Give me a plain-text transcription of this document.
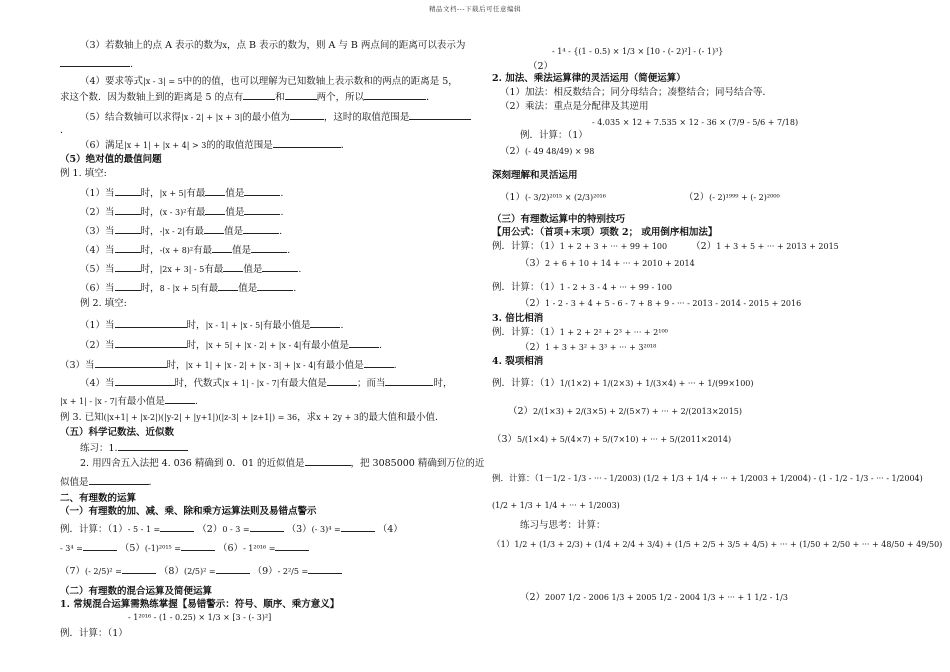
精品文档---下载后可任意编辑
（3）若数轴上的点 A 表示的数为x，点 B 表示的数为，则 A 与 B 两点间的距离可以表示为
.
（4）要求等式|x - 3| = 5中的的值，也可以理解为已知数轴上表示数和的两点的距离是 5，
求这个数．因为数轴上到的距离是 5 的点有	和	两个，所以	．
（5）结合数轴可以求得|x - 2| + |x + 3|的最小值为	，这时的取值范围是
．
（6）满足|x + 1| + |x + 4| > 3的的取值范围是	．
（5）绝对值的最值问题
例 1. 填空:
（1）当	时，|x + 5|有最 值是	.
（2）当	时，(x - 3)²有最 值是	.
（3）当	时，-|x - 2|有最 值是	.
（4）当	时，-(x + 8)²有最 值是	.
（5）当	时，|2x + 3| - 5有最 值是	.
（6）当	时，8 - |x + 5|有最 值是	.
例 2. 填空:
（1）当	时，|x - 1| + |x - 5|有最小值是	.
（2）当	时，|x + 5| + |x - 2| + |x - 4|有最小值是	.
（3）当	时，|x + 1| + |x - 2| + |x - 3| + |x - 4|有最小值是	.
（4）当	时，代数式|x + 1| - |x - 7|有最大值是	；而当	时，
|x + 1| - |x - 7|有最小值是	.
例 3. 已知(|x+1| + |x-2|)(|y-2| + |y+1|)(|z-3| + |z+1|) = 36，求x + 2y + 3的最大值和最小值.
（五）科学记数法、近似数
练习：1.
2. 用四舍五入法把 4. 036 精确到 0．01 的近似值是	，把 3085000 精确到万位的近
似值是	．
二、有理数的运算
（一）有理数的加、减、乘、除和乘方运算法则及易错点警示
例．计算：（1）- 5 - 1 =	（2）0 - 3 =	（3）(- 3)⁴ =	（4）
- 3⁴ =	（5）(-1)²⁰¹⁵ =	（6）- 1²⁰¹⁶ =
（7）(- 2/5)² =	（8）(2/5)² =	（9）- 2²/5 =
（二）有理数的混合运算及简便运算
1. 常规混合运算需熟练掌握【易错警示：符号、顺序、乘方意义】
- 1²⁰¹⁶ - (1 - 0.25) × 1/3 × [3 - (- 3)²]
例．计算：（1）
- 1⁴ - {(1 - 0.5) × 1/3 × [10 - (- 2)²] - (- 1)³}
（2）
2. 加法、乘法运算律的灵活运用（简便运算）
（1）加法：相反数结合；同分母结合；凑整结合；同号结合等．
（2）乘法：重点是分配律及其逆用
- 4.035 × 12 + 7.535 × 12 - 36 × (7/9 - 5/6 + 7/18)
例．计算：（1）
（2）(- 49 48/49) × 98
深刻理解和灵活运用
（1）(- 3/2)²⁰¹⁵ × (2/3)²⁰¹⁶	（2）(- 2)¹⁹⁹⁹ + (- 2)²⁰⁰⁰
（三）有理数运算中的特别技巧
【用公式：（首项+末项）项数 2； 或用倒序相加法】
例．计算：（1）1 + 2 + 3 + ··· + 99 + 100	（2）1 + 3 + 5 + ··· + 2013 + 2015
（3）2 + 6 + 10 + 14 + ··· + 2010 + 2014
例．计算：（1）1 - 2 + 3 - 4 + ··· + 99 - 100
（2）1 - 2 - 3 + 4 + 5 - 6 - 7 + 8 + 9 - ··· - 2013 - 2014 - 2015 + 2016
3. 倍比相消
例．计算：（1）1 + 2 + 2² + 2³ + ··· + 2¹⁰⁰
（2）1 + 3 + 3² + 3³ + ··· + 3²⁰¹⁸
4. 裂项相消
例．计算：（1）1/(1×2) + 1/(2×3) + 1/(3×4) + ··· + 1/(99×100)
（2）2/(1×3) + 2/(3×5) + 2/(5×7) + ··· + 2/(2013×2015)
（3）5/(1×4) + 5/(4×7) + 5/(7×10) + ··· + 5/(2011×2014)
例．计算：（1－1/2 - 1/3 - ··· - 1/2003) (1/2 + 1/3 + 1/4 + ··· + 1/2003 + 1/2004) - (1 - 1/2 - 1/3 - ··· - 1/2004)
(1/2 + 1/3 + 1/4 + ··· + 1/2003)
练习与思考：计算：
（1）1/2 + (1/3 + 2/3) + (1/4 + 2/4 + 3/4) + (1/5 + 2/5 + 3/5 + 4/5) + ··· + (1/50 + 2/50 + ··· + 48/50 + 49/50)
（2）2007 1/2 - 2006 1/3 + 2005 1/2 - 2004 1/3 + ··· + 1 1/2 - 1/3
